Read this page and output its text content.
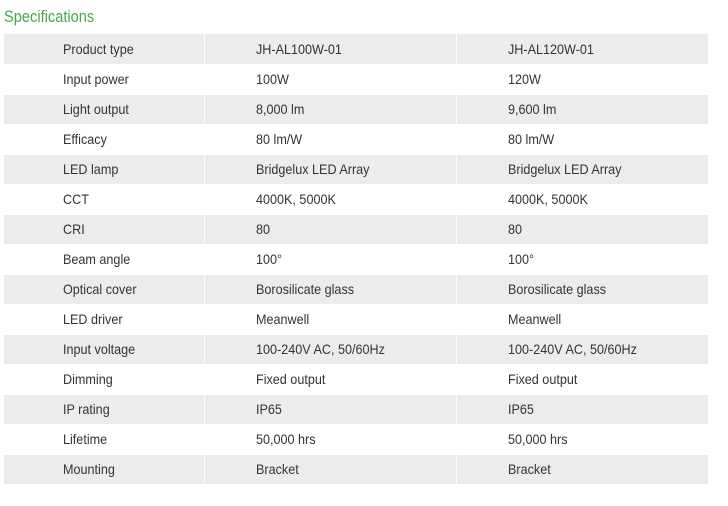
Specifications
Product type	JH-AL100W-01	JH-AL120W-01
Input power	100W	120W
Light output	8,000 lm	9,600 lm
Efficacy	80 lm/W	80 lm/W
LED lamp	Bridgelux LED Array	Bridgelux LED Array
CCT	4000K, 5000K	4000K, 5000K
CRI	80	80
Beam angle	100°	100°
Optical cover	Borosilicate glass	Borosilicate glass
LED driver	Meanwell	Meanwell
Input voltage	100-240V AC, 50/60Hz	100-240V AC, 50/60Hz
Dimming	Fixed output	Fixed output
IP rating	IP65	IP65
Lifetime	50,000 hrs	50,000 hrs
Mounting	Bracket	Bracket
